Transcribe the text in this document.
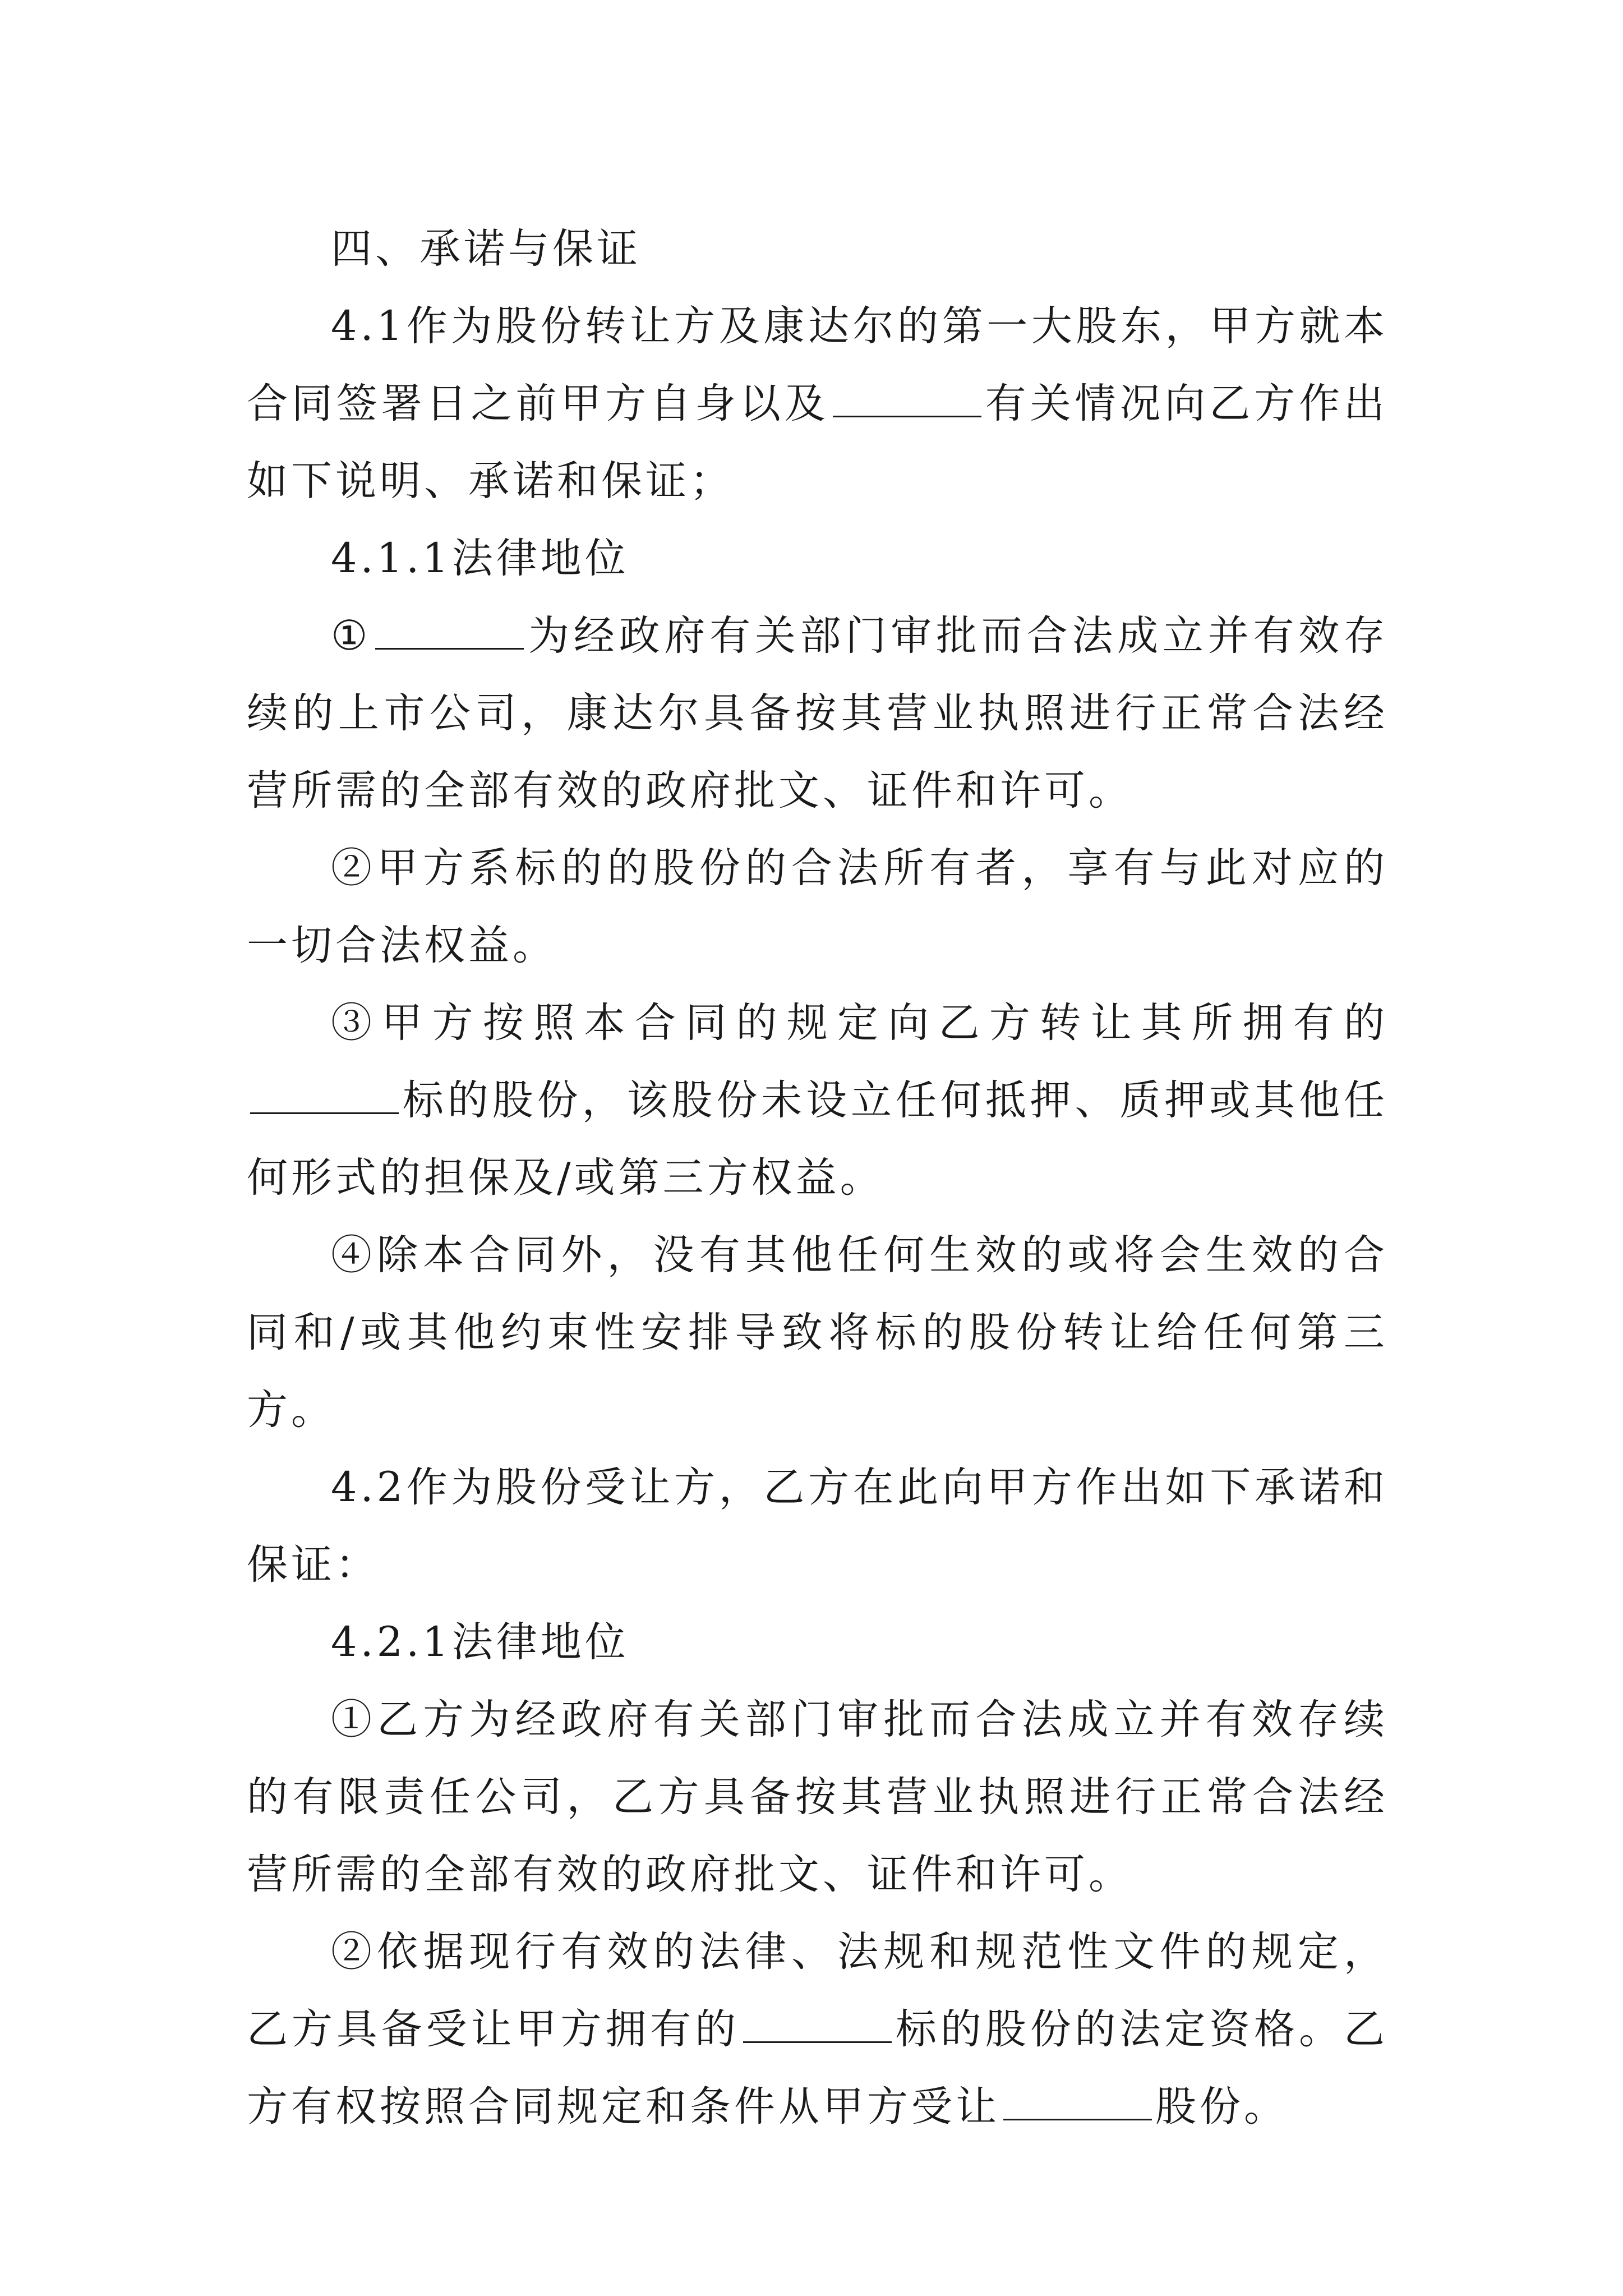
四、承诺与保证

4.1作为股份转让方及康达尔的第一大股东，甲方就本合同签署日之前甲方自身以及	有关情况向乙方作出如下说明、承诺和保证；

4.1.1法律地位

①	为经政府有关部门审批而合法成立并有效存续的上市公司，康达尔具备按其营业执照进行正常合法经营所需的全部有效的政府批文、证件和许可。

②甲方系标的的股份的合法所有者，享有与此对应的一切合法权益。

③甲方按照本合同的规定向乙方转让其所拥有的标的股份，该股份未设立任何抵押、质押或其他任何形式的担保及/或第三方权益。

④除本合同外，没有其他任何生效的或将会生效的合同和/或其他约束性安排导致将标的股份转让给任何第三方。

4.2作为股份受让方，乙方在此向甲方作出如下承诺和保证：

4.2.1法律地位

①乙方为经政府有关部门审批而合法成立并有效存续的有限责任公司，乙方具备按其营业执照进行正常合法经营所需的全部有效的政府批文、证件和许可。

②依据现行有效的法律、法规和规范性文件的规定，乙方具备受让甲方拥有的	标的股份的法定资格。乙方有权按照合同规定和条件从甲方受让	股份。
